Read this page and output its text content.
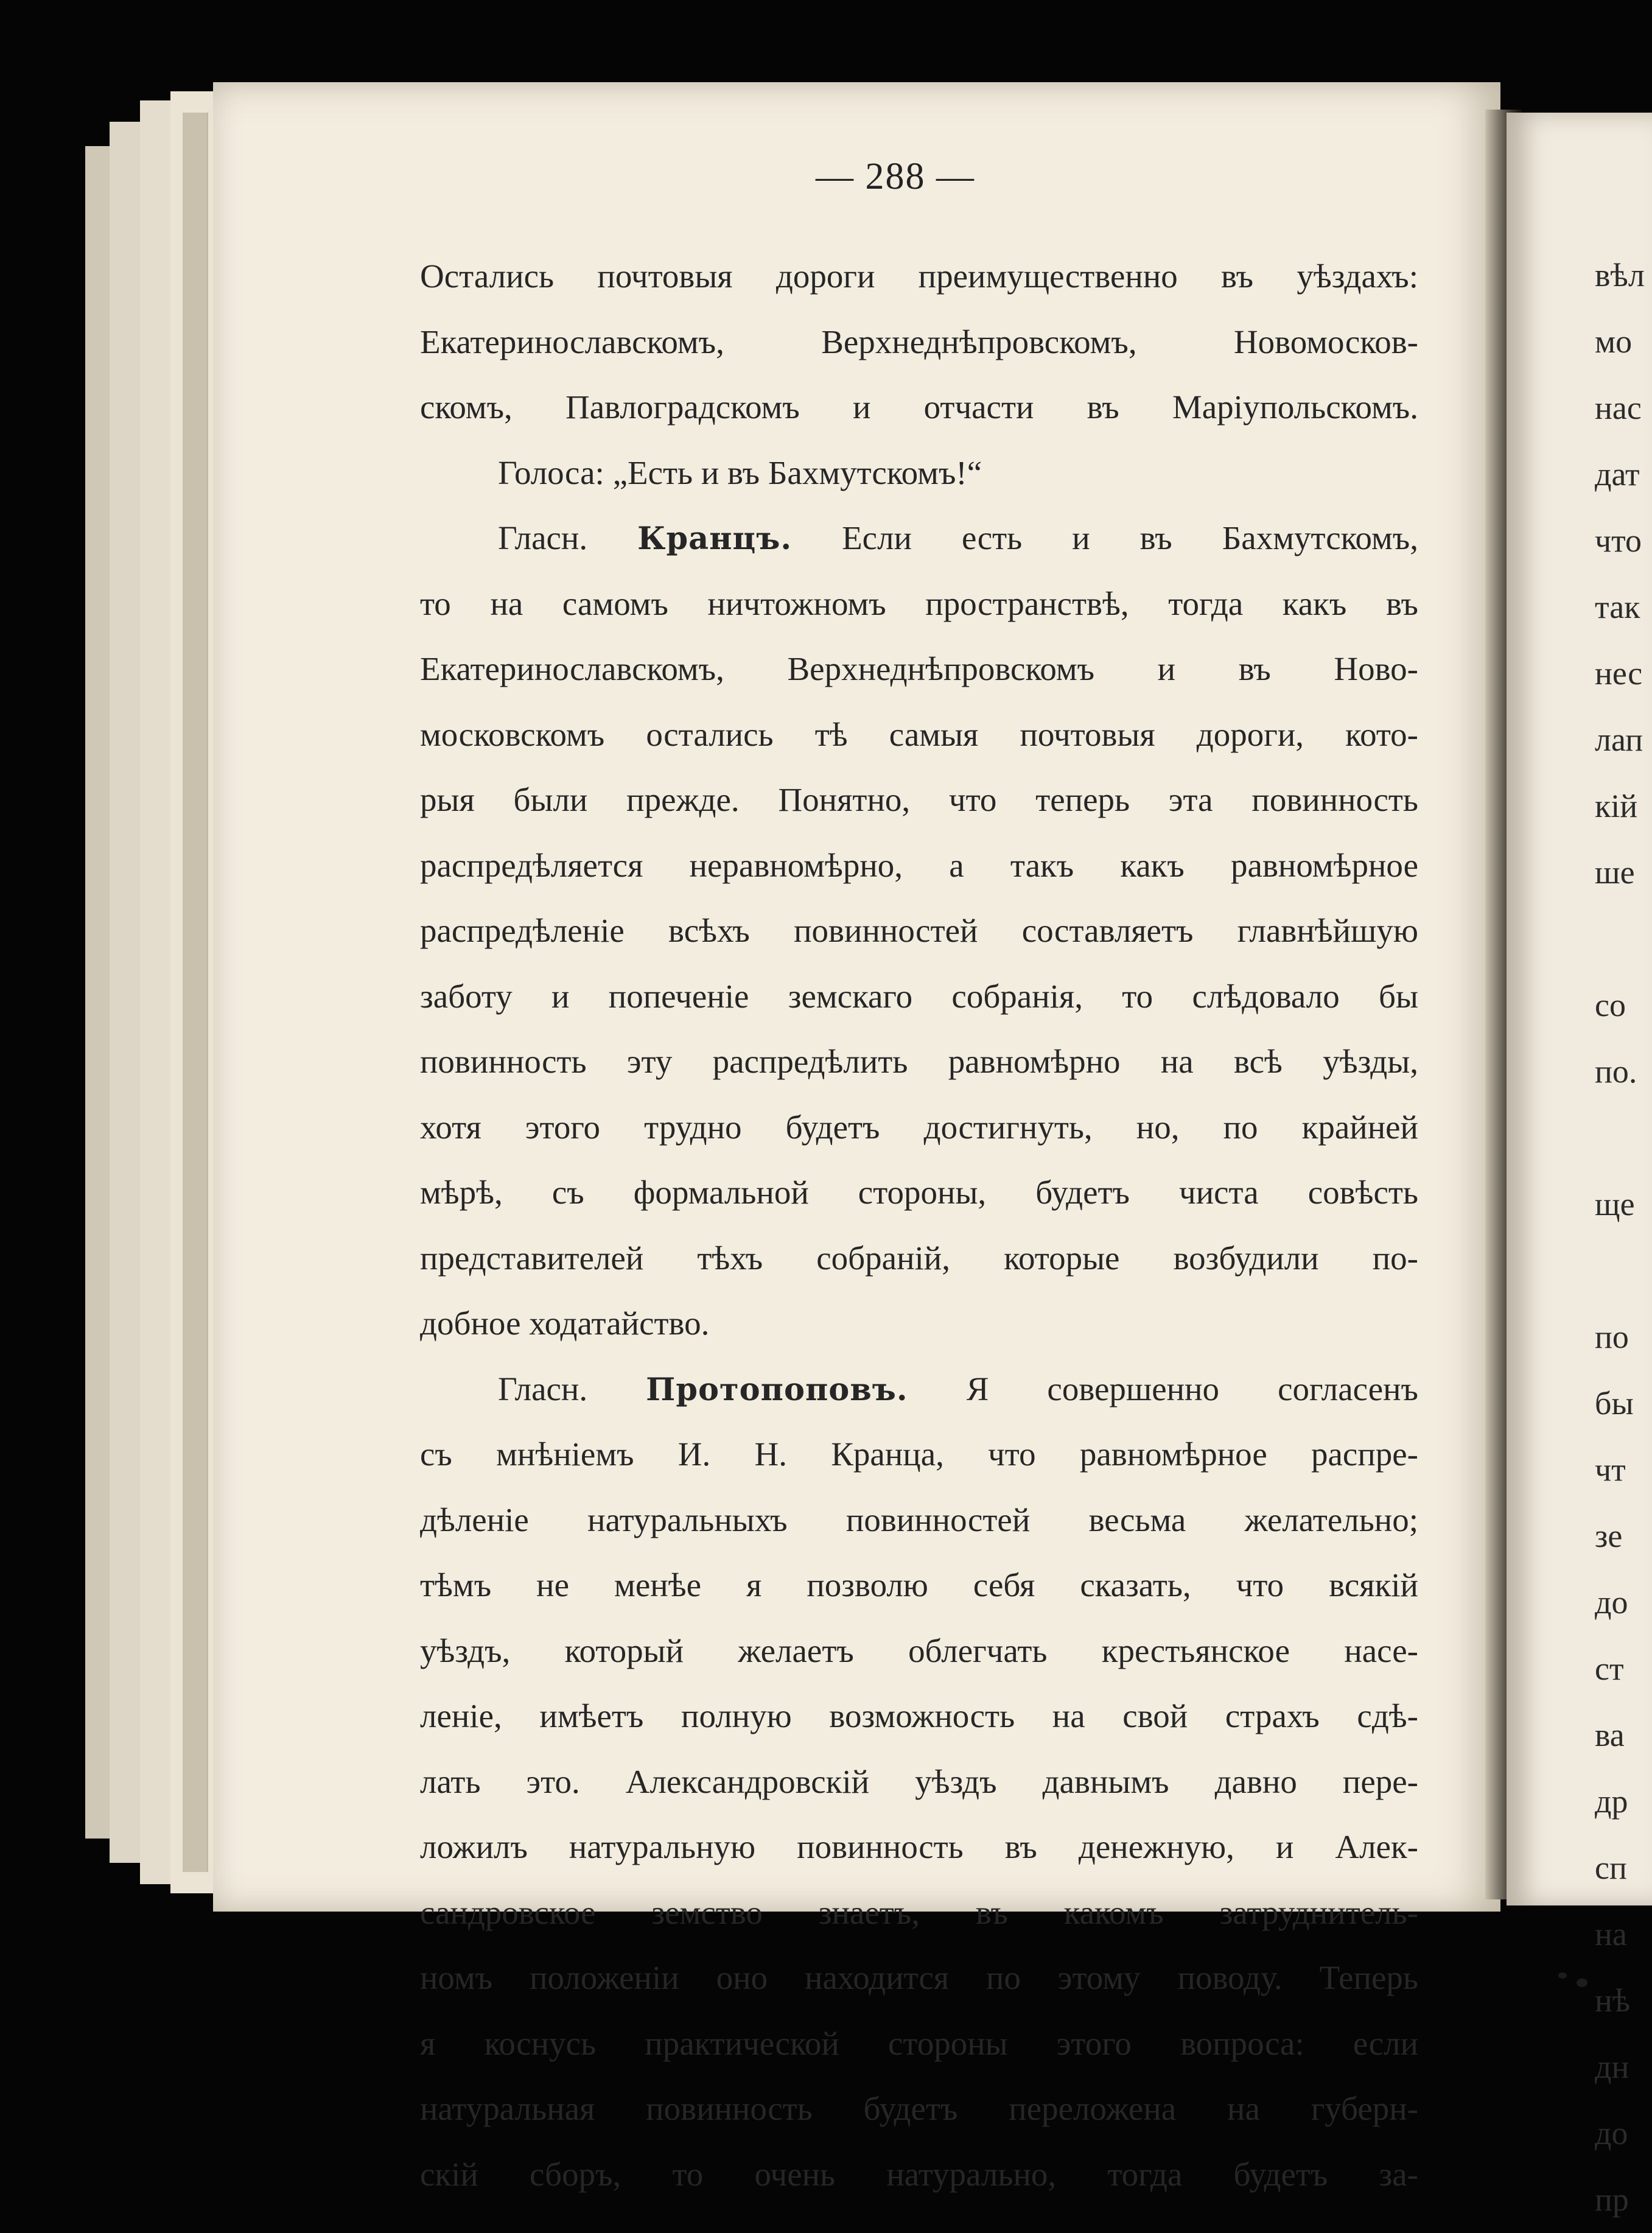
— 288 —
Остались почтовыя дороги преимущественно въ уѣздахъ:
Екатеринославскомъ, Верхнеднѣпровскомъ, Новомосков-
скомъ, Павлоградскомъ и отчасти въ Маріупольскомъ.
Голоса: „Есть и въ Бахмутскомъ!“
Гласн. Кранцъ. Если есть и въ Бахмутскомъ,
то на самомъ ничтожномъ пространствѣ, тогда какъ въ
Екатеринославскомъ, Верхнеднѣпровскомъ и въ Ново-
московскомъ остались тѣ самыя почтовыя дороги, кото-
рыя были прежде. Понятно, что теперь эта повинность
распредѣляется неравномѣрно, а такъ какъ равномѣрное
распредѣленіе всѣхъ повинностей составляетъ главнѣйшую
заботу и попеченіе земскаго собранія, то слѣдовало бы
повинность эту распредѣлить равномѣрно на всѣ уѣзды,
хотя этого трудно будетъ достигнуть, но, по крайней
мѣрѣ, съ формальной стороны, будетъ чиста совѣсть
представителей тѣхъ собраній, которые возбудили по-
добное ходатайство.
Гласн. Протопоповъ. Я совершенно согласенъ
съ мнѣніемъ И. Н. Кранца, что равномѣрное распре-
дѣленіе натуральныхъ повинностей весьма желательно;
тѣмъ не менѣе я позволю себя сказать, что всякій
уѣздъ, который желаетъ облегчать крестьянское насе-
леніе, имѣетъ полную возможность на свой страхъ сдѣ-
лать это. Александровскій уѣздъ давнымъ давно пере-
ложилъ натуральную повинность въ денежную, и Алек-
сандровское земство знаетъ, въ какомъ затруднитель-
номъ положеніи оно находится по этому поводу. Теперь
я коснусь практической стороны этого вопроса: если
натуральная повинность будетъ переложена на губерн-
скій сборъ, то очень натурально, тогда будетъ за-
вѣл
мо
нас
дат
что
так
нес
лап
кій
ше
со
по.
ще
по
бы
чт
зе
до
ст
ва
др
сп
на
нѣ
дн
до
пр
